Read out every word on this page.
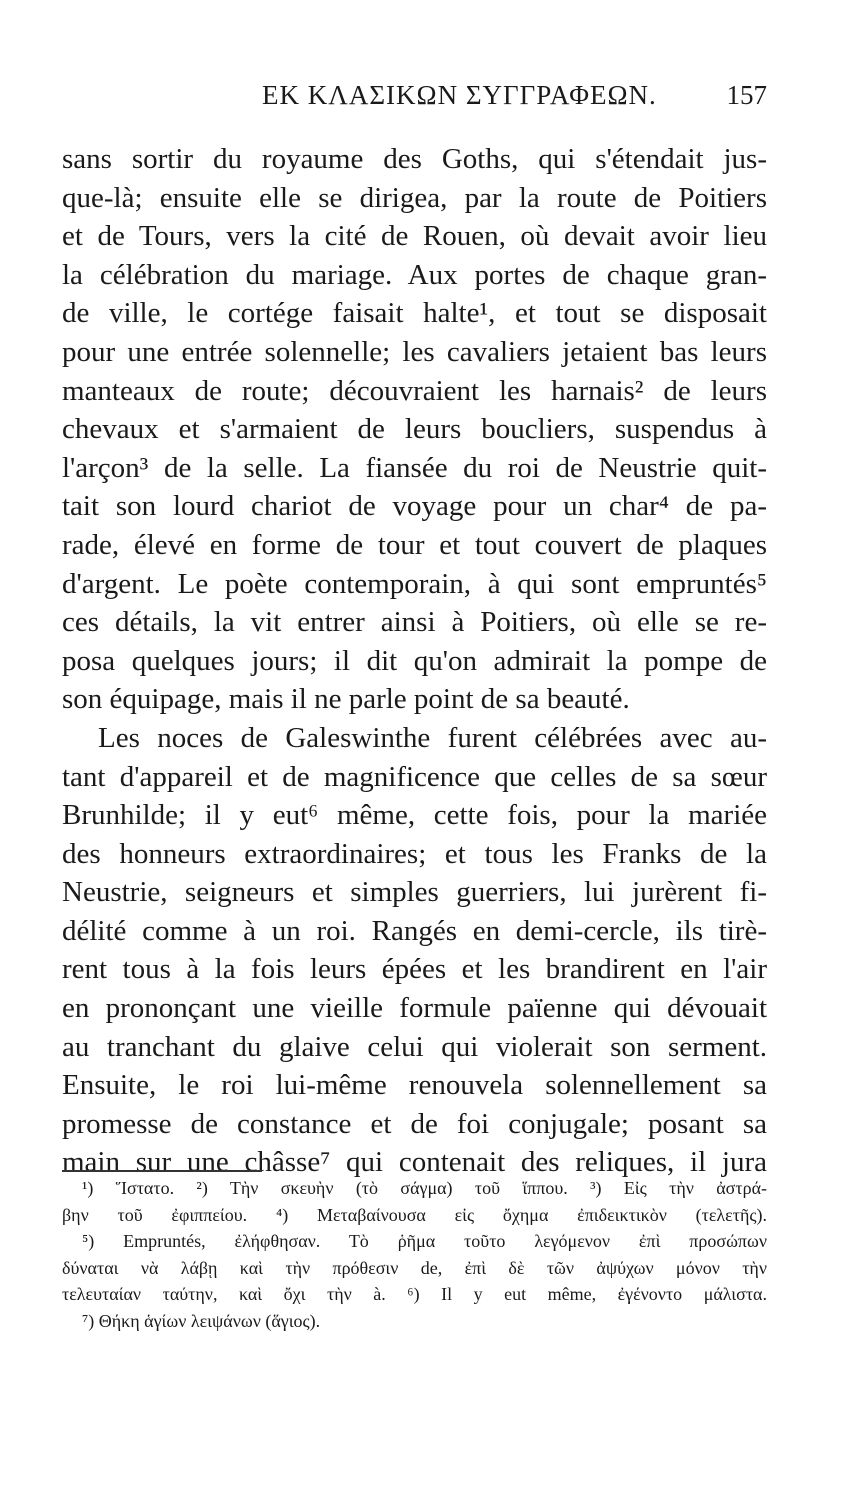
ΕΚ ΚΛΑΣΙΚΩΝ ΣΥΓΓΡΑΦΕΩΝ.	157
sans sortir du royaume des Goths, qui s'étendait jus-
que-là; ensuite elle se dirigea, par la route de Poitiers
et de Tours, vers la cité de Rouen, où devait avoir lieu
la célébration du mariage. Aux portes de chaque gran-
de ville, le cortége faisait halte¹, et tout se disposait
pour une entrée solennelle; les cavaliers jetaient bas leurs
manteaux de route; découvraient les harnais² de leurs
chevaux et s'armaient de leurs boucliers, suspendus à
l'arçon³ de la selle. La fiansée du roi de Neustrie quit-
tait son lourd chariot de voyage pour un char⁴ de pa-
rade, élevé en forme de tour et tout couvert de plaques
d'argent. Le poète contemporain, à qui sont empruntés⁵
ces détails, la vit entrer ainsi à Poitiers, où elle se re-
posa quelques jours; il dit qu'on admirait la pompe de
son équipage, mais il ne parle point de sa beauté.
Les noces de Galeswinthe furent célébrées avec au-
tant d'appareil et de magnificence que celles de sa sœur
Brunhilde; il y eut⁶ même, cette fois, pour la mariée
des honneurs extraordinaires; et tous les Franks de la
Neustrie, seigneurs et simples guerriers, lui jurèrent fi-
délité comme à un roi. Rangés en demi-cercle, ils tirè-
rent tous à la fois leurs épées et les brandirent en l'air
en prononçant une vieille formule païenne qui dévouait
au tranchant du glaive celui qui violerait son serment.
Ensuite, le roi lui-même renouvela solennellement sa
promesse de constance et de foi conjugale; posant sa
main sur une châsse⁷ qui contenait des reliques, il jura
¹) Ἵστατο. ²) Τὴν σκευὴν (τὸ σάγμα) τοῦ ἵππου. ³) Εἰς τὴν ἀστρά-
βην τοῦ ἐφιππείου. ⁴) Μεταβαίνουσα εἰς ὄχημα ἐπιδεικτικὸν (τελετῆς).
⁵) Empruntés, ἐλήφθησαν. Τὸ ῥῆμα τοῦτο λεγόμενον ἐπὶ προσώπων
δύναται νὰ λάβῃ καὶ τὴν πρόθεσιν de, ἐπὶ δὲ τῶν ἀψύχων μόνον τὴν
τελευταίαν ταύτην, καὶ ὄχι τὴν à. ⁶) Il y eut même, ἐγένοντο μάλιστα.
⁷) Θήκη ἁγίων λειψάνων (ἅγιος).
